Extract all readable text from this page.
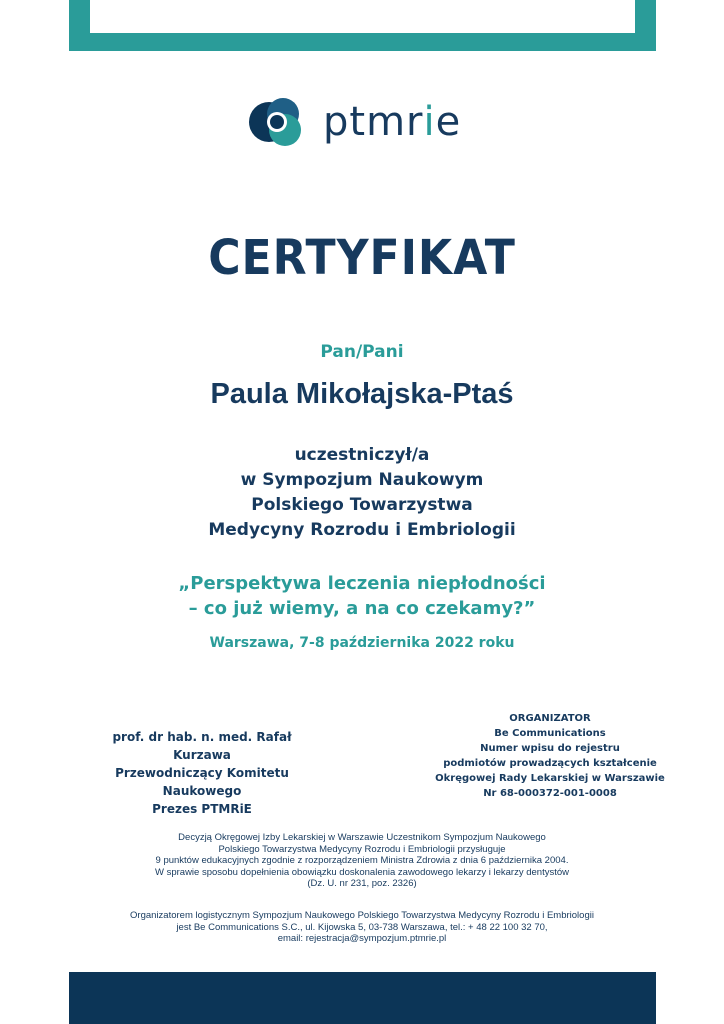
ptmrie
CERTYFIKAT
Pan/Pani
Paula Mikołajska-Ptaś
uczestniczył/a
w Sympozjum Naukowym
Polskiego Towarzystwa
Medycyny Rozrodu i Embriologii
„Perspektywa leczenia niepłodności
– co już wiemy, a na co czekamy?”
Warszawa, 7-8 października 2022 roku
prof. dr hab. n. med. Rafał Kurzawa
Przewodniczący Komitetu Naukowego
Prezes PTMRiE
ORGANIZATOR
Be Communications
Numer wpisu do rejestru
podmiotów prowadzących kształcenie
Okręgowej Rady Lekarskiej w Warszawie
Nr 68-000372-001-0008
Decyzją Okręgowej Izby Lekarskiej w Warszawie Uczestnikom Sympozjum Naukowego
Polskiego Towarzystwa Medycyny Rozrodu i Embriologii przysługuje
9 punktów edukacyjnych zgodnie z rozporządzeniem Ministra Zdrowia z dnia 6 października 2004.
W sprawie sposobu dopełnienia obowiązku doskonalenia zawodowego lekarzy i lekarzy dentystów
(Dz. U. nr 231, poz. 2326)
Organizatorem logistycznym Sympozjum Naukowego Polskiego Towarzystwa Medycyny Rozrodu i Embriologii
jest Be Communications S.C., ul. Kijowska 5, 03-738 Warszawa, tel.: + 48 22 100 32 70,
email: rejestracja@sympozjum.ptmrie.pl
